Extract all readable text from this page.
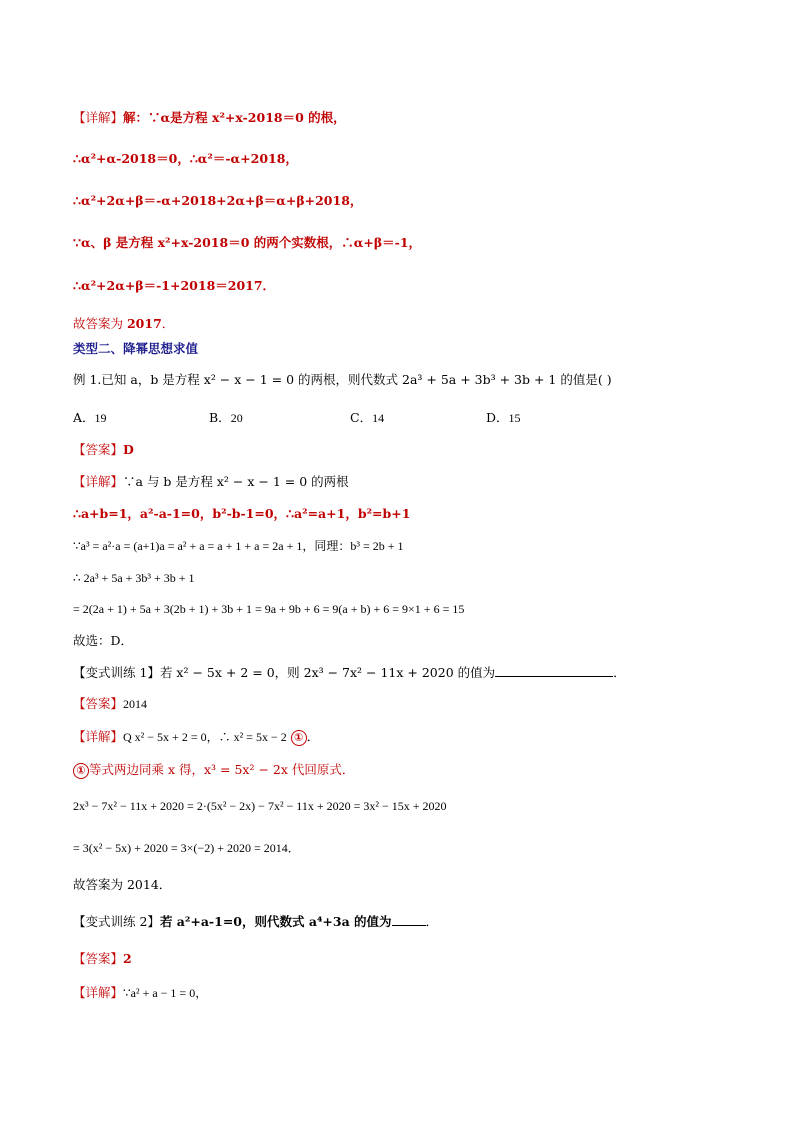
【详解】解：∵α是方程 x²+x-2018＝0 的根，
∴α²+α-2018＝0，∴α²＝-α+2018，
∴α²+2α+β＝-α+2018+2α+β＝α+β+2018，
∵α、β 是方程 x²+x-2018＝0 的两个实数根，∴α+β＝-1，
∴α²+2α+β＝-1+2018＝2017．
故答案为 2017．
类型二、降幂思想求值
例 1.已知 a，b 是方程 x² − x − 1 = 0 的两根，则代数式 2a³ + 5a + 3b³ + 3b + 1 的值是( )
A．19	B．20	C．14	D．15
【答案】D
【详解】∵a 与 b 是方程 x² − x − 1 = 0 的两根
∴a+b=1，a²-a-1=0，b²-b-1=0，∴a²=a+1，b²=b+1
∵a³ = a²·a = (a+1)a = a² + a = a + 1 + a = 2a + 1，同理：b³ = 2b + 1
∴ 2a³ + 5a + 3b³ + 3b + 1
= 2(2a + 1) + 5a + 3(2b + 1) + 3b + 1 = 9a + 9b + 6 = 9(a + b) + 6 = 9×1 + 6 = 15
故选：D．
【变式训练 1】若 x² − 5x + 2 = 0，则 2x³ − 7x² − 11x + 2020 的值为	．
【答案】2014
【详解】Q x² − 5x + 2 = 0，∴ x² = 5x − 2 ① ．
① 等式两边同乘 x 得，x³ = 5x² − 2x 代回原式．
2x³ − 7x² − 11x + 2020 = 2·(5x² − 2x) − 7x² − 11x + 2020 = 3x² − 15x + 2020
= 3(x² − 5x) + 2020 = 3×(−2) + 2020 = 2014．
故答案为 2014．
【变式训练 2】若 a²+a-1=0，则代数式 a⁴+3a 的值为	．
【答案】2
【详解】∵a² + a − 1 = 0，
